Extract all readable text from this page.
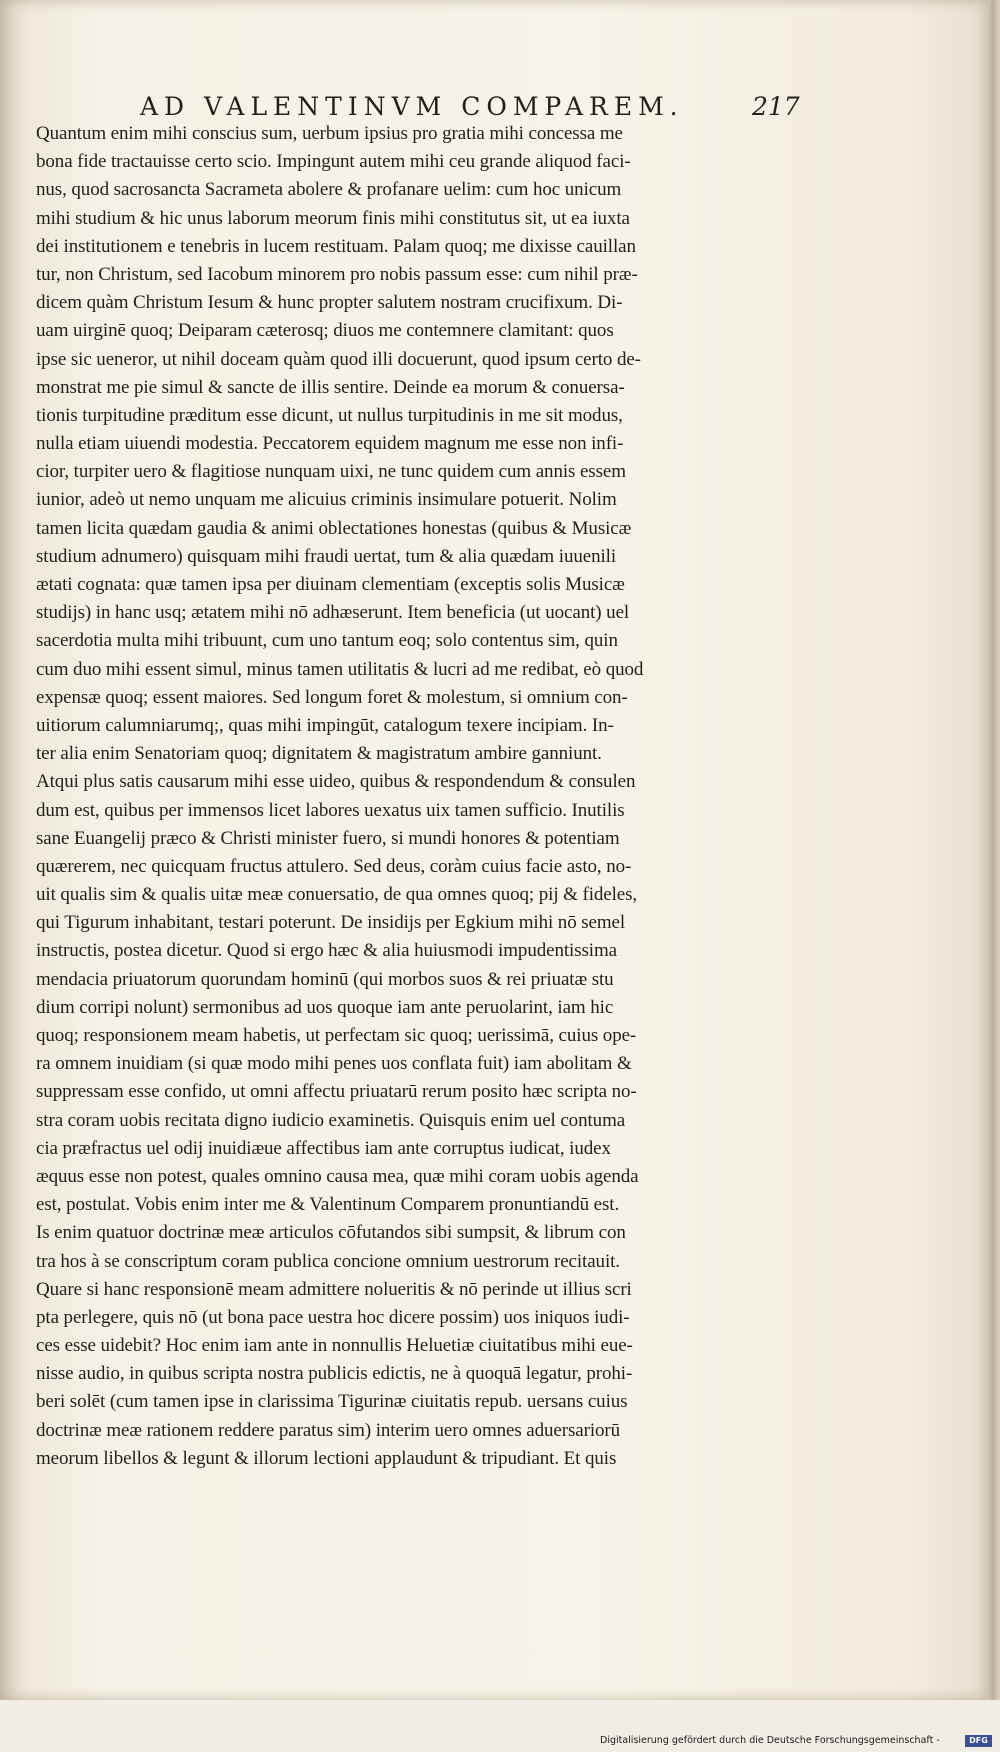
AD VALENTINVM COMPAREM.	217
Quantum enim mihi conscius sum, uerbum ipsius pro gratia mihi concessa me
bona fide tractauisse certo scio. Impingunt autem mihi ceu grande aliquod faci-
nus, quod sacrosancta Sacrameta abolere & profanare uelim: cum hoc unicum
mihi studium & hic unus laborum meorum finis mihi constitutus sit, ut ea iuxta
dei institutionem e tenebris in lucem restituam. Palam quoq; me dixisse cauillan
tur, non Christum, sed Iacobum minorem pro nobis passum esse: cum nihil præ-
dicem quàm Christum Iesum & hunc propter salutem nostram crucifixum. Di-
uam uirginē quoq; Deiparam cæterosq; diuos me contemnere clamitant: quos
ipse sic ueneror, ut nihil doceam quàm quod illi docuerunt, quod ipsum certo de-
monstrat me pie simul & sancte de illis sentire. Deinde ea morum & conuersa-
tionis turpitudine præditum esse dicunt, ut nullus turpitudinis in me sit modus,
nulla etiam uiuendi modestia. Peccatorem equidem magnum me esse non infi-
cior, turpiter uero & flagitiose nunquam uixi, ne tunc quidem cum annis essem
iunior, adeò ut nemo unquam me alicuius criminis insimulare potuerit. Nolim
tamen licita quædam gaudia & animi oblectationes honestas (quibus & Musicæ
studium adnumero) quisquam mihi fraudi uertat, tum & alia quædam iuuenili
ætati cognata: quæ tamen ipsa per diuinam clementiam (exceptis solis Musicæ
studijs) in hanc usq; ætatem mihi nō adhæserunt. Item beneficia (ut uocant) uel
sacerdotia multa mihi tribuunt, cum uno tantum eoq; solo contentus sim, quin
cum duo mihi essent simul, minus tamen utilitatis & lucri ad me redibat, eò quod
expensæ quoq; essent maiores. Sed longum foret & molestum, si omnium con-
uitiorum calumniarumq;, quas mihi impingūt, catalogum texere incipiam. In-
ter alia enim Senatoriam quoq; dignitatem & magistratum ambire ganniunt.
Atqui plus satis causarum mihi esse uideo, quibus & respondendum & consulen
dum est, quibus per immensos licet labores uexatus uix tamen sufficio. Inutilis
sane Euangelij præco & Christi minister fuero, si mundi honores & potentiam
quærerem, nec quicquam fructus attulero. Sed deus, coràm cuius facie asto, no-
uit qualis sim & qualis uitæ meæ conuersatio, de qua omnes quoq; pij & fideles,
qui Tigurum inhabitant, testari poterunt. De insidijs per Egkium mihi nō semel
instructis, postea dicetur. Quod si ergo hæc & alia huiusmodi impudentissima
mendacia priuatorum quorundam hominū (qui morbos suos & rei priuatæ stu
dium corripi nolunt) sermonibus ad uos quoque iam ante peruolarint, iam hic
quoq; responsionem meam habetis, ut perfectam sic quoq; uerissimā, cuius ope-
ra omnem inuidiam (si quæ modo mihi penes uos conflata fuit) iam abolitam &
suppressam esse confido, ut omni affectu priuatarū rerum posito hæc scripta no-
stra coram uobis recitata digno iudicio examinetis. Quisquis enim uel contuma
cia præfractus uel odij inuidiæue affectibus iam ante corruptus iudicat, iudex
æquus esse non potest, quales omnino causa mea, quæ mihi coram uobis agenda
est, postulat. Vobis enim inter me & Valentinum Comparem pronuntiandū est.
Is enim quatuor doctrinæ meæ articulos cōfutandos sibi sumpsit, & librum con
tra hos à se conscriptum coram publica concione omnium uestrorum recitauit.
Quare si hanc responsionē meam admittere nolueritis & nō perinde ut illius scri
pta perlegere, quis nō (ut bona pace uestra hoc dicere possim) uos iniquos iudi-
ces esse uidebit? Hoc enim iam ante in nonnullis Heluetiæ ciuitatibus mihi eue-
nisse audio, in quibus scripta nostra publicis edictis, ne à quoquā legatur, prohi-
beri solēt (cum tamen ipse in clarissima Tigurinæ ciuitatis repub. uersans cuius
doctrinæ meæ rationem reddere paratus sim) interim uero omnes aduersariorū
meorum libellos & legunt & illorum lectioni applaudunt & tripudiant. Et quis
Digitalisierung gefördert durch die Deutsche Forschungsgemeinschaft -	DFG
